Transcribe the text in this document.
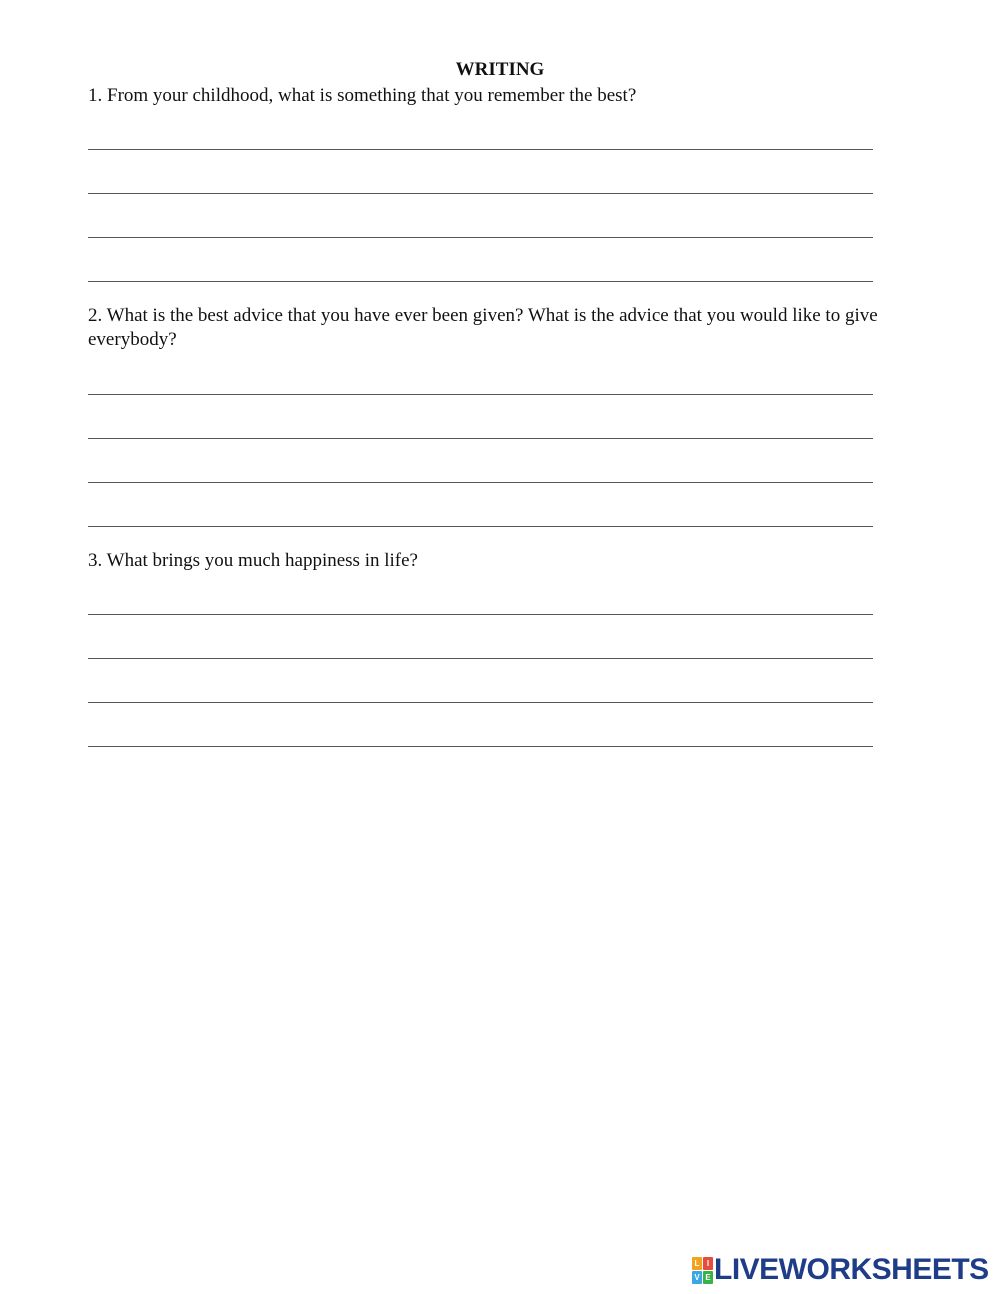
WRITING
1. From your childhood, what is something that you remember the best?
2. What is the best advice that you have ever been given? What is the advice that you would like to give everybody?
3. What brings you much happiness in life?
L I
V E LIVEWORKSHEETS
